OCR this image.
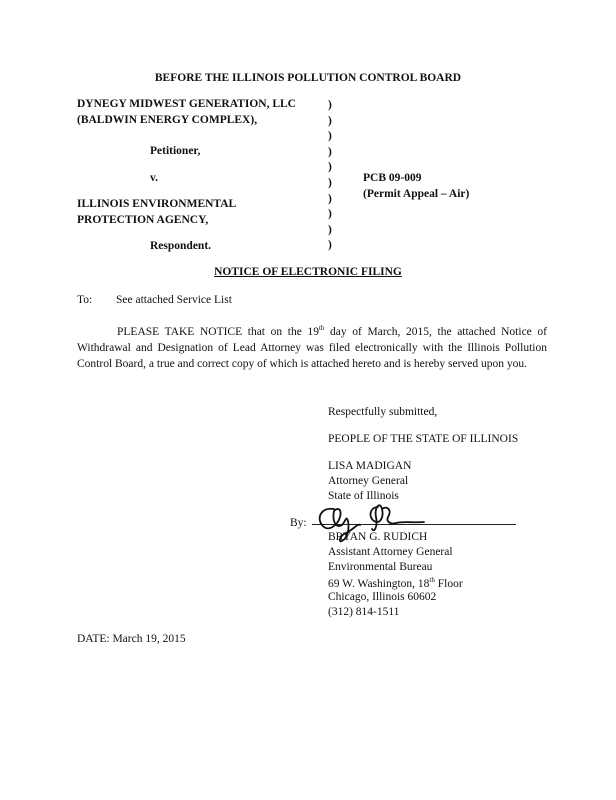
BEFORE THE ILLINOIS POLLUTION CONTROL BOARD
DYNEGY MIDWEST GENERATION, LLC
(BALDWIN ENERGY COMPLEX),
Petitioner,
v.
ILLINOIS ENVIRONMENTAL
PROTECTION AGENCY,
Respondent.
)
)
)
)
)
)
)
)
)
)
PCB 09-009
(Permit Appeal – Air)
NOTICE OF ELECTRONIC FILING
To: See attached Service List
PLEASE TAKE NOTICE that on the 19th day of March, 2015, the attached Notice of Withdrawal and Designation of Lead Attorney was filed electronically with the Illinois Pollution Control Board, a true and correct copy of which is attached hereto and is hereby served upon you.
Respectfully submitted,
PEOPLE OF THE STATE OF ILLINOIS
LISA MADIGAN
Attorney General
State of Illinois
By:
BRYAN G. RUDICH
Assistant Attorney General
Environmental Bureau
69 W. Washington, 18th Floor
Chicago, Illinois 60602
(312) 814-1511
DATE: March 19, 2015
